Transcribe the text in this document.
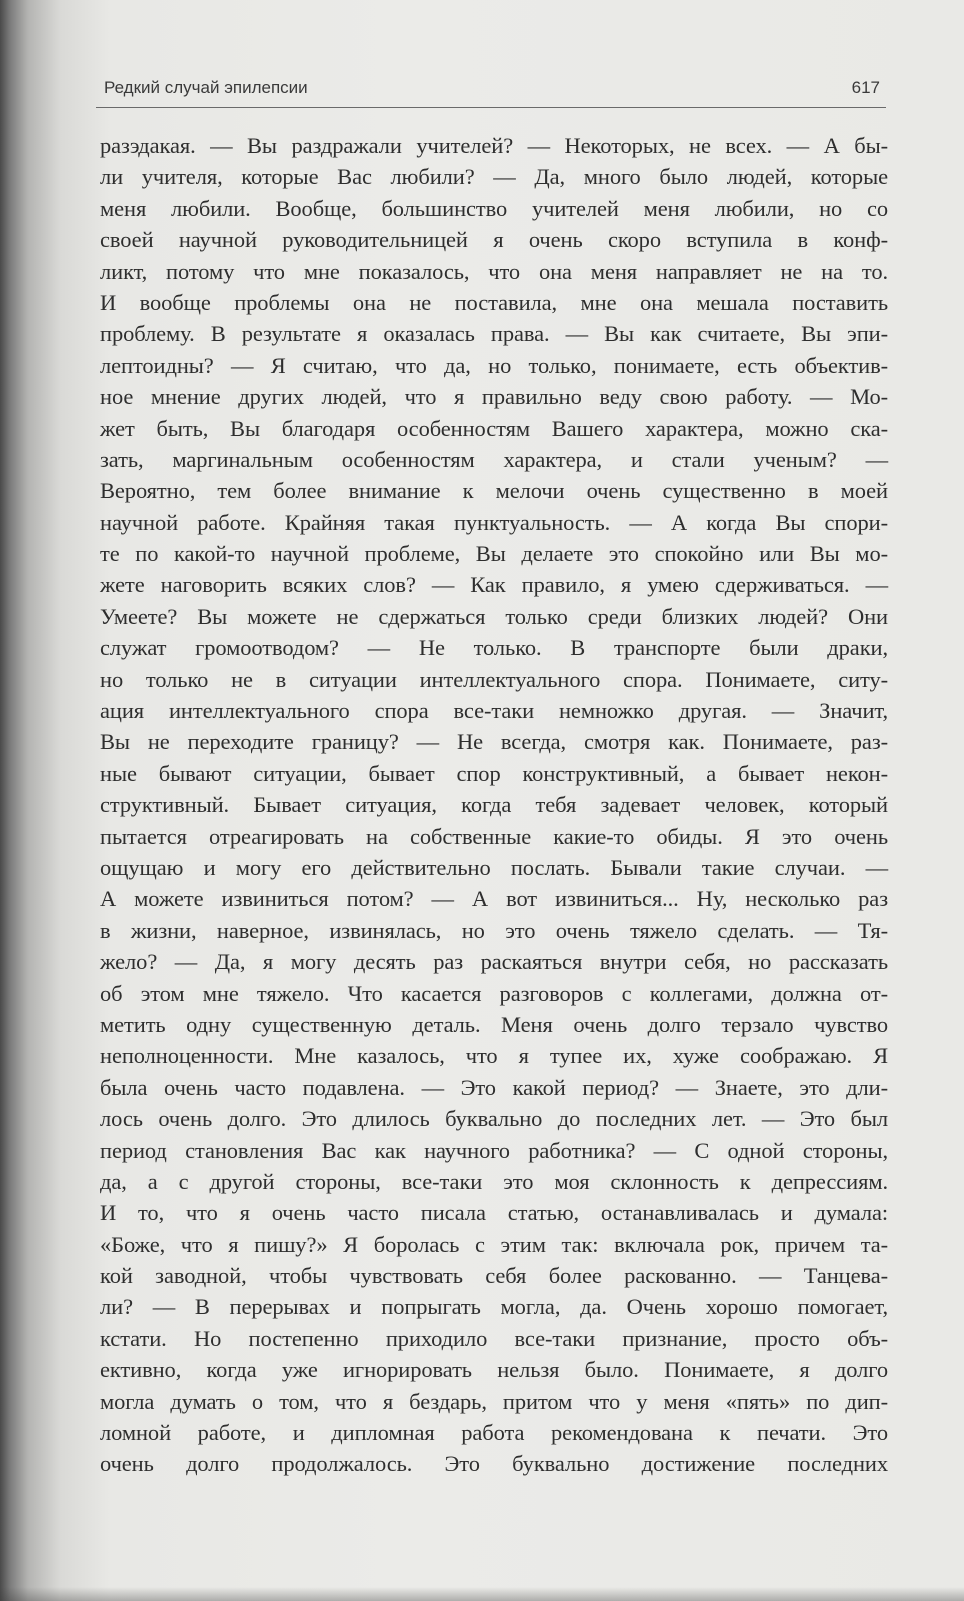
Редкий случай эпилепсии	617
разэдакая. — Вы раздражали учителей? — Некоторых, не всех. — А бы-
ли учителя, которые Вас любили? — Да, много было людей, которые
меня любили. Вообще, большинство учителей меня любили, но со
своей научной руководительницей я очень скоро вступила в конф-
ликт, потому что мне показалось, что она меня направляет не на то.
И вообще проблемы она не поставила, мне она мешала поставить
проблему. В результате я оказалась права. — Вы как считаете, Вы эпи-
лептоидны? — Я считаю, что да, но только, понимаете, есть объектив-
ное мнение других людей, что я правильно веду свою работу. — Мо-
жет быть, Вы благодаря особенностям Вашего характера, можно ска-
зать, маргинальным особенностям характера, и стали ученым? —
Вероятно, тем более внимание к мелочи очень существенно в моей
научной работе. Крайняя такая пунктуальность. — А когда Вы спори-
те по какой-то научной проблеме, Вы делаете это спокойно или Вы мо-
жете наговорить всяких слов? — Как правило, я умею сдерживаться. —
Умеете? Вы можете не сдержаться только среди близких людей? Они
служат громоотводом? — Не только. В транспорте были драки,
но только не в ситуации интеллектуального спора. Понимаете, ситу-
ация интеллектуального спора все-таки немножко другая. — Значит,
Вы не переходите границу? — Не всегда, смотря как. Понимаете, раз-
ные бывают ситуации, бывает спор конструктивный, а бывает некон-
структивный. Бывает ситуация, когда тебя задевает человек, который
пытается отреагировать на собственные какие-то обиды. Я это очень
ощущаю и могу его действительно послать. Бывали такие случаи. —
А можете извиниться потом? — А вот извиниться... Ну, несколько раз
в жизни, наверное, извинялась, но это очень тяжело сделать. — Тя-
жело? — Да, я могу десять раз раскаяться внутри себя, но рассказать
об этом мне тяжело. Что касается разговоров с коллегами, должна от-
метить одну существенную деталь. Меня очень долго терзало чувство
неполноценности. Мне казалось, что я тупее их, хуже соображаю. Я
была очень часто подавлена. — Это какой период? — Знаете, это дли-
лось очень долго. Это длилось буквально до последних лет. — Это был
период становления Вас как научного работника? — С одной стороны,
да, а с другой стороны, все-таки это моя склонность к депрессиям.
И то, что я очень часто писала статью, останавливалась и думала:
«Боже, что я пишу?» Я боролась с этим так: включала рок, причем та-
кой заводной, чтобы чувствовать себя более раскованно. — Танцева-
ли? — В перерывах и попрыгать могла, да. Очень хорошо помогает,
кстати. Но постепенно приходило все-таки признание, просто объ-
ективно, когда уже игнорировать нельзя было. Понимаете, я долго
могла думать о том, что я бездарь, притом что у меня «пять» по дип-
ломной работе, и дипломная работа рекомендована к печати. Это
очень долго продолжалось. Это буквально достижение последних
